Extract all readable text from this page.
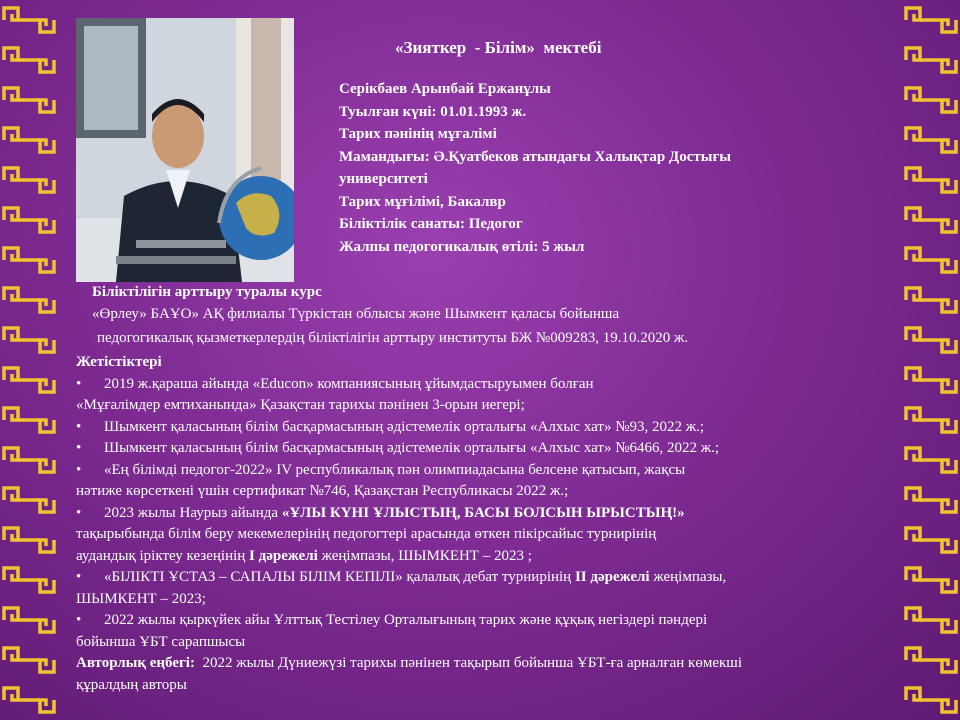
«Зияткер  - Білім»  мектебі
Серікбаев Арынбай Ержанұлы
Туылған күні: 01.01.1993 ж.
Тарих пәнінің мұғалімі
Мамандығы: Ә.Қуатбеков атындағы Халықтар Достығы
университеті
Тарих мұғілімі, Бакалвр
Біліктілік санаты: Педогог
Жалпы педогогикалық өтілі: 5 жыл
Біліктілігін арттыру туралы курс
«Өрлеу» БАҰО» АҚ филиалы Түркістан облысы және Шымкент қаласы бойынша
педогогикалық қызметкерлердің біліктілігін арттыру институты БЖ №009283, 19.10.2020 ж.
Жетістіктері
• 2019 ж.қараша айында «Educon» компаниясының ұйымдастыруымен болған
«Мұғалімдер емтиханында» Қазақстан тарихы пәнінен 3-орын иегері;
• Шымкент қаласының білім басқармасының әдістемелік орталығы «Алхыс хат» №93, 2022 ж.;
• Шымкент қаласының білім басқармасының әдістемелік орталығы «Алхыс хат» №6466, 2022 ж.;
• «Ең білімді педогог-2022» IV республикалық пән олимпиадасына белсене қатысып, жақсы
нәтиже көрсеткені үшін сертификат №746, Қазақстан Республикасы 2022 ж.;
• 2023 жылы Наурыз айында «ҰЛЫ КҮНІ ҰЛЫСТЫҢ, БАСЫ БОЛСЫН ЫРЫСТЫҢ!»
тақырыбында білім беру мекемелерінің педогогтері арасында өткен пікірсайыс турнирінің
аудандық іріктеу кезеңінің І дәрежелі жеңімпазы, ШЫМКЕНТ – 2023 ;
• «БІЛІКТІ ҰСТАЗ – САПАЛЫ БІЛІМ КЕПІЛІ» қалалық дебат турнирінің ІІ дәрежелі жеңімпазы,
ШЫМКЕНТ – 2023;
• 2022 жылы қыркүйек айы Ұлттық Тестілеу Орталығының тарих және құқық негіздері пәндері
бойынша ҰБТ сарапшысы
Авторлық еңбегі:  2022 жылы Дүниежүзі тарихы пәнінен тақырып бойынша ҰБТ-ға арналған көмекші
құралдың авторы
